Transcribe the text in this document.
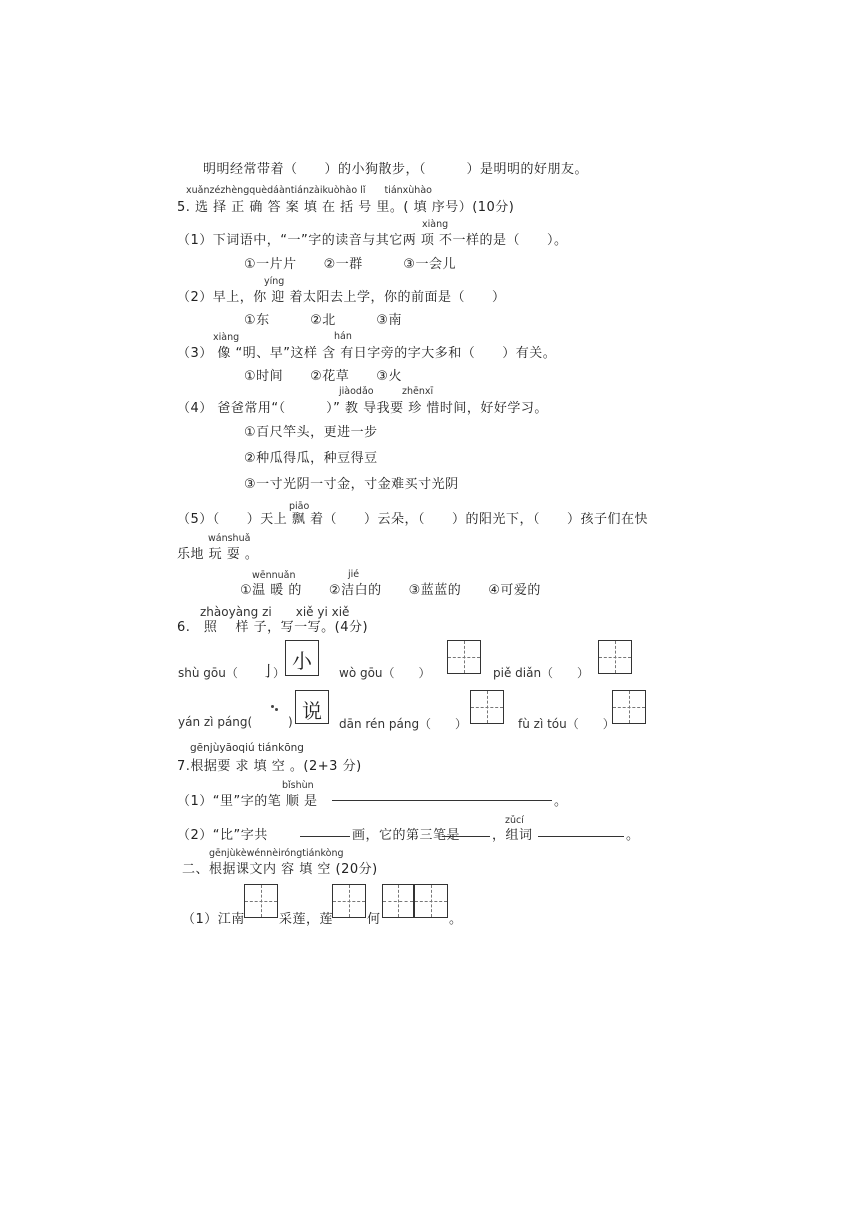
明明经常带着（　　）的小狗散步，（　　　）是明明的好朋友。
xuǎnzézhèngquèdáàntiánzàikuòhào lǐ　　tiánxùhào
5. 选 择 正 确 答 案 填 在 括 号 里。( 填 序号）(10分)
xiàng
（1）下词语中，“一”字的读音与其它两 项 不一样的是（　　）。
①一片片　　②一群　　　③一会儿
yíng
（2）早上，你 迎 着太阳去上学，你的前面是（　　）
①东　　　②北　　　③南
xiàng	hán
（3） 像 “明、早”这样 含 有日字旁的字大多和（　　）有关。
①时间　　②花草　　③火
jiàodǎo	zhēnxī
（4） 爸爸常用“（　　　）” 教 导我要 珍 惜时间，好好学习。
①百尺竿头，更进一步
②种瓜得瓜，种豆得豆
③一寸光阴一寸金，寸金难买寸光阴
piāo
（5）（　　）天上 飘 着（　　）云朵，（　　）的阳光下，（　　）孩子们在快
wánshuǎ
乐地 玩 耍 。
wēnnuǎn	jié
①温 暖 的　　②洁白的　　③蓝蓝的　　④可爱的
zhàoyàng zi　　xiě yi xiě
6.　照　 样 子，写一写。(4分)
shù gōu（ 亅
） 小	wò gōu（　　）	piě diǎn（　　）
yán zì páng(	) 说
dān rén páng（　　）	fù zì tóu（　　）
gēnjùyāoqiú tiánkōng
7.根据要 求 填 空 。(2+3 分)
bǐshùn
（1）“里”字的笔 顺 是	。
（2）“比”字共	画，它的第三笔是
zǔcí
，组词	。
gēnjùkèwénnèiróngtiánkòng
二、根据课文内 容 填 空 (20分)
（1）江南	采莲，莲	何	。
